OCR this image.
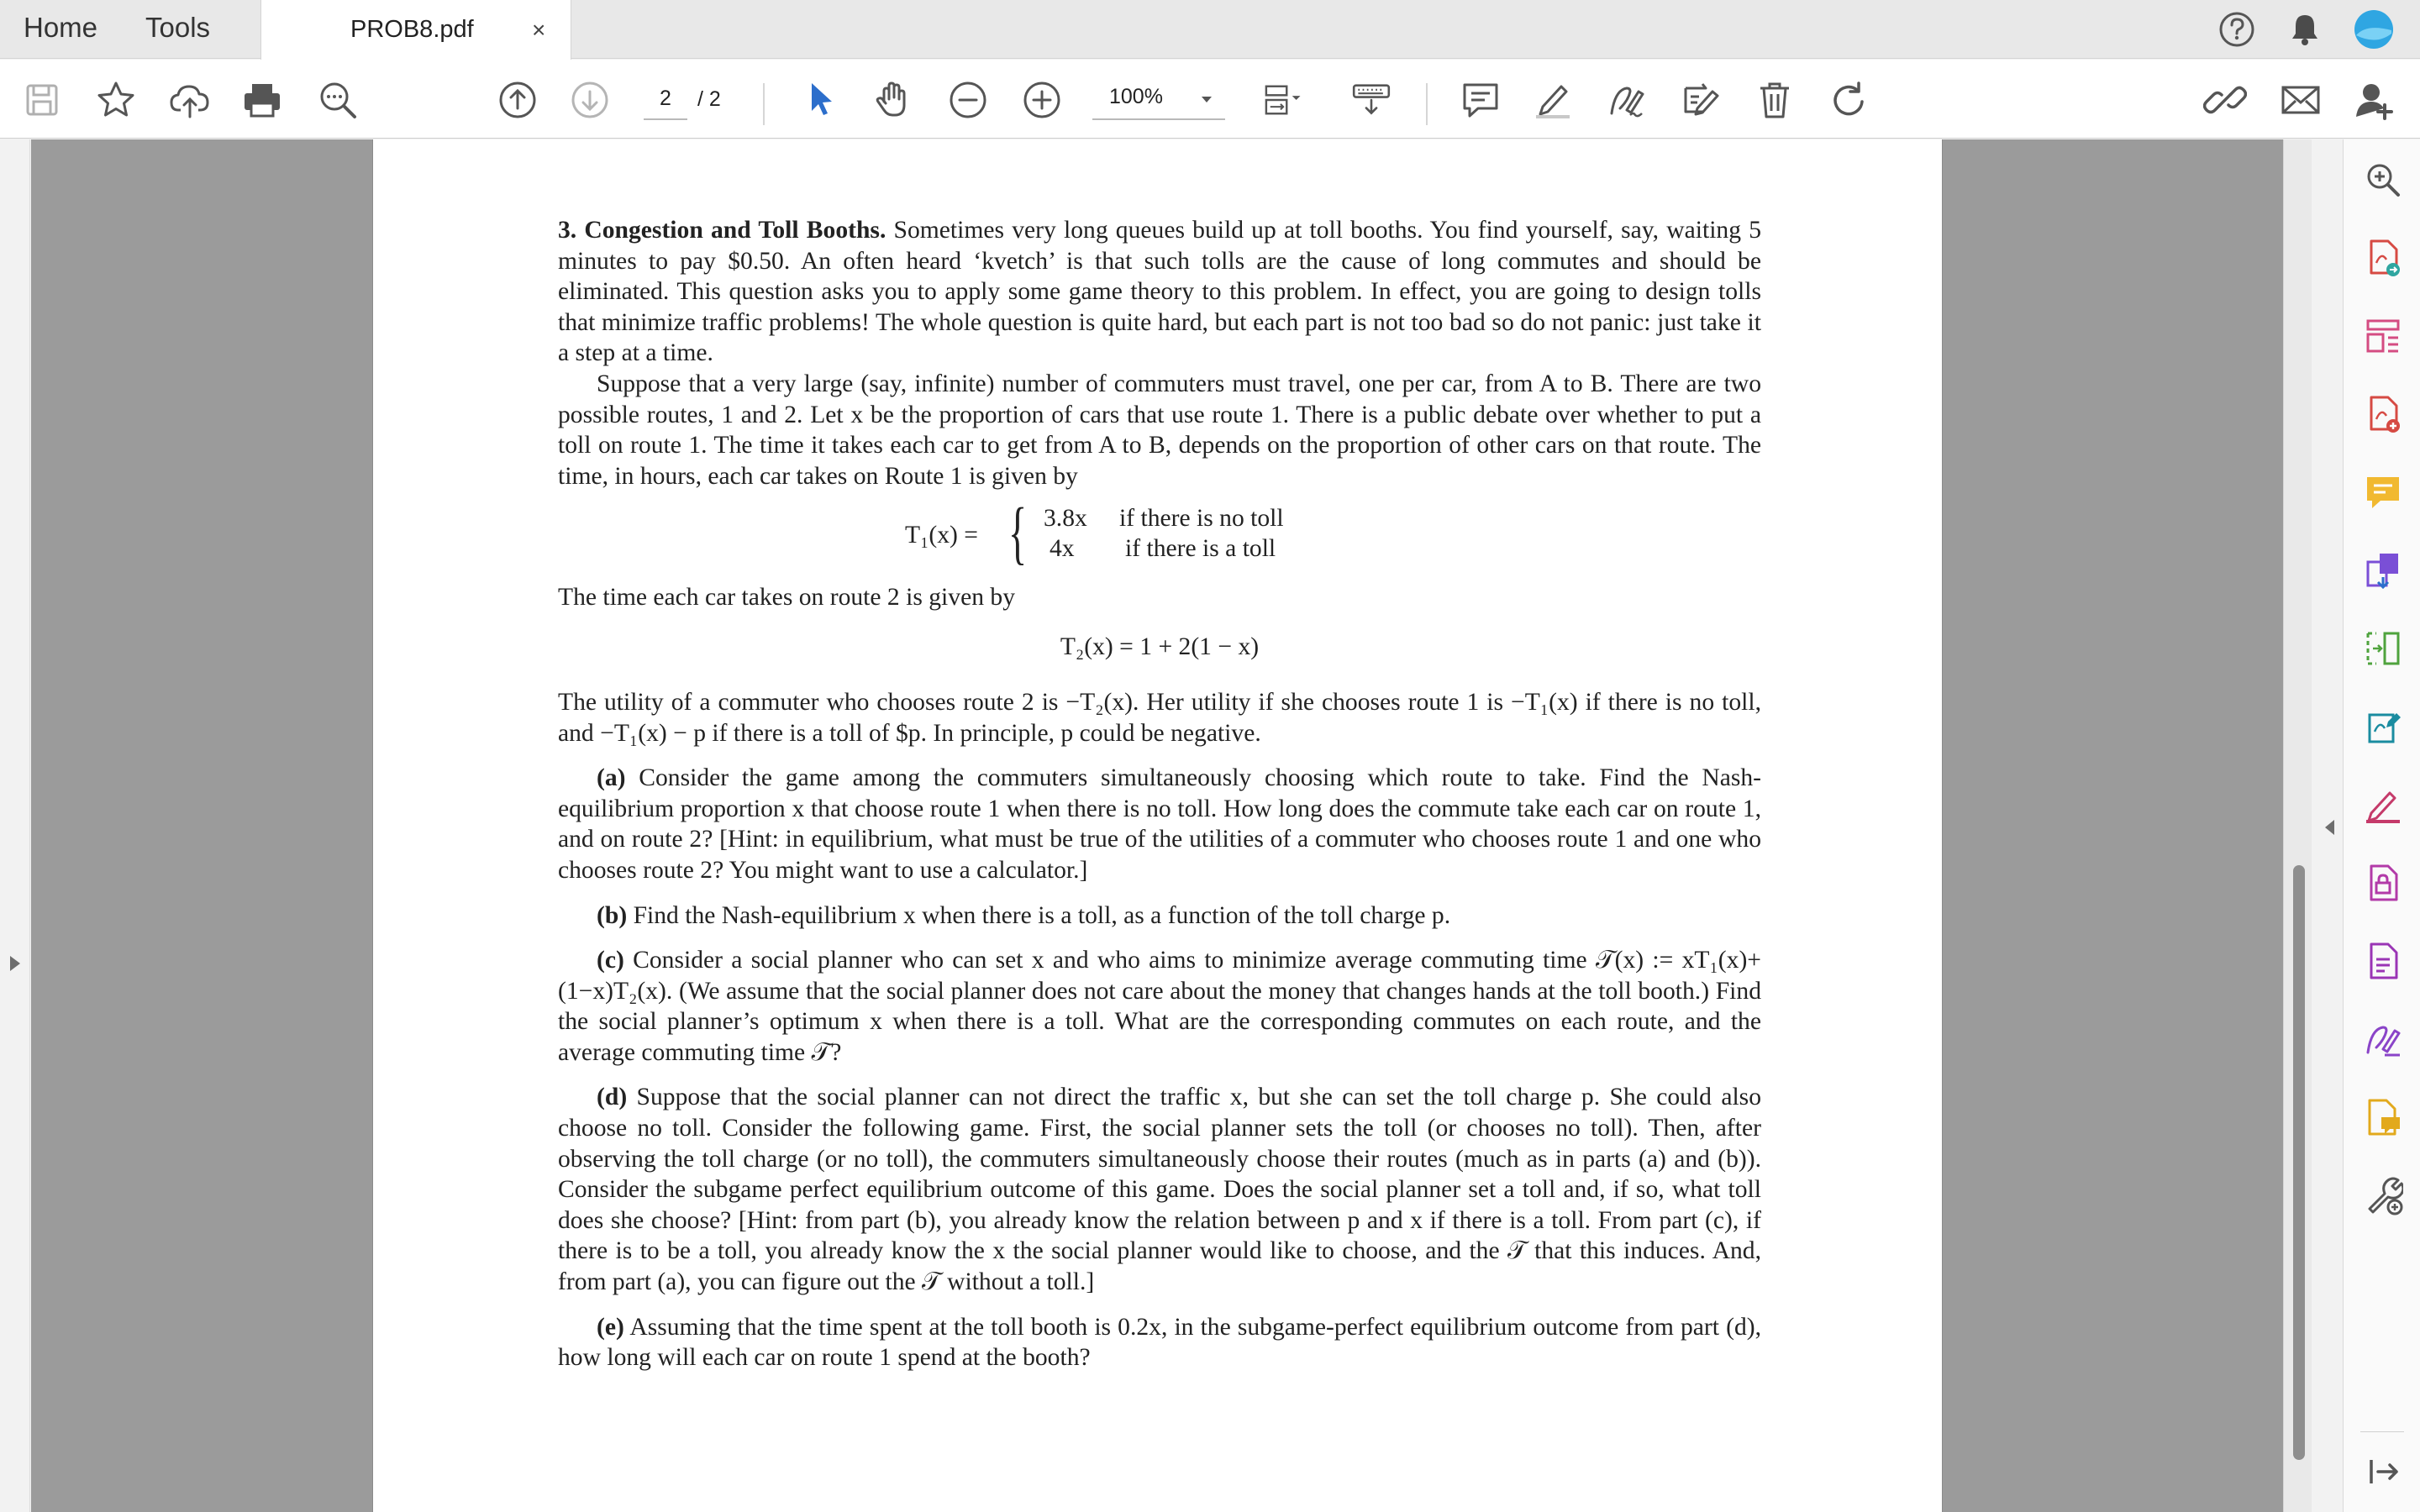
Home Tools	PROB8.pdf ×
2
/ 2	100%

3. Congestion and Toll Booths. Sometimes very long queues build up at toll booths. You find yourself, say, waiting 5 minutes to pay $0.50. An often heard ‘kvetch’ is that such tolls are the cause of long commutes and should be eliminated. This question asks you to apply some game theory to this problem. In effect, you are going to design tolls that minimize traffic problems! The whole question is quite hard, but each part is not too bad so do not panic: just take it a step at a time.

Suppose that a very large (say, infinite) number of commuters must travel, one per car, from A to B. There are two possible routes, 1 and 2. Let x be the proportion of cars that use route 1. There is a public debate over whether to put a toll on route 1. The time it takes each car to get from A to B, depends on the proportion of other cars on that route. The time, in hours, each car takes on Route 1 is given by

T₁(x) = { 3.8x if there is no toll
4x if there is a toll

The time each car takes on route 2 is given by

T₂(x) = 1 + 2(1 − x)

The utility of a commuter who chooses route 2 is −T₂(x). Her utility if she chooses route 1 is −T₁(x) if there is no toll, and −T₁(x) − p if there is a toll of $p. In principle, p could be negative.

(a) Consider the game among the commuters simultaneously choosing which route to take. Find the Nash-equilibrium proportion x that choose route 1 when there is no toll. How long does the commute take each car on route 1, and on route 2? [Hint: in equilibrium, what must be true of the utilities of a commuter who chooses route 1 and one who chooses route 2? You might want to use a calculator.]

(b) Find the Nash-equilibrium x when there is a toll, as a function of the toll charge p.

(c) Consider a social planner who can set x and who aims to minimize average commuting time 𝒯(x) := xT₁(x)+(1−x)T₂(x). (We assume that the social planner does not care about the money that changes hands at the toll booth.) Find the social planner’s optimum x when there is a toll. What are the corresponding commutes on each route, and the average commuting time 𝒯?

(d) Suppose that the social planner can not direct the traffic x, but she can set the toll charge p. She could also choose no toll. Consider the following game. First, the social planner sets the toll (or chooses no toll). Then, after observing the toll charge (or no toll), the commuters simultaneously choose their routes (much as in parts (a) and (b)). Consider the subgame perfect equilibrium outcome of this game. Does the social planner set a toll and, if so, what toll does she choose? [Hint: from part (b), you already know the relation between p and x if there is a toll. From part (c), if there is to be a toll, you already know the x the social planner would like to choose, and the 𝒯 that this induces. And, from part (a), you can figure out the 𝒯 without a toll.]

(e) Assuming that the time spent at the toll booth is 0.2x, in the subgame-perfect equilibrium outcome from part (d), how long will each car on route 1 spend at the booth?
